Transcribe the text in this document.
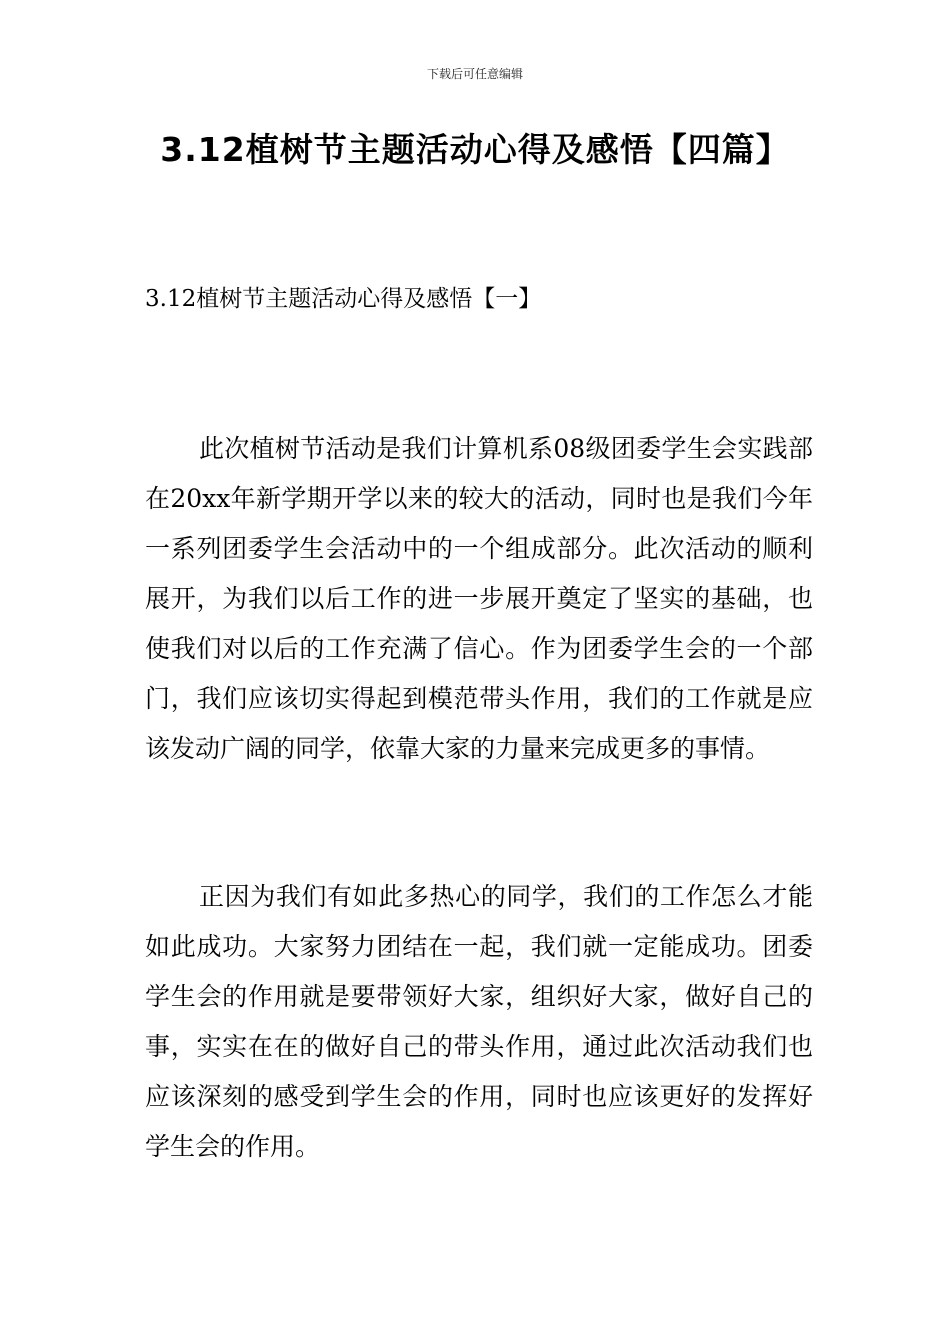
下载后可任意编辑
3.12植树节主题活动心得及感悟【四篇】
3.12植树节主题活动心得及感悟【一】

此次植树节活动是我们计算机系08级团委学生会实践部在20xx年新学期开学以来的较大的活动，同时也是我们今年一系列团委学生会活动中的一个组成部分。此次活动的顺利展开，为我们以后工作的进一步展开奠定了坚实的基础，也使我们对以后的工作充满了信心。作为团委学生会的一个部门，我们应该切实得起到模范带头作用，我们的工作就是应该发动广阔的同学，依靠大家的力量来完成更多的事情。

正因为我们有如此多热心的同学，我们的工作怎么才能如此成功。大家努力团结在一起，我们就一定能成功。团委学生会的作用就是要带领好大家，组织好大家，做好自己的事，实实在在的做好自己的带头作用，通过此次活动我们也应该深刻的感受到学生会的作用，同时也应该更好的发挥好学生会的作用。
